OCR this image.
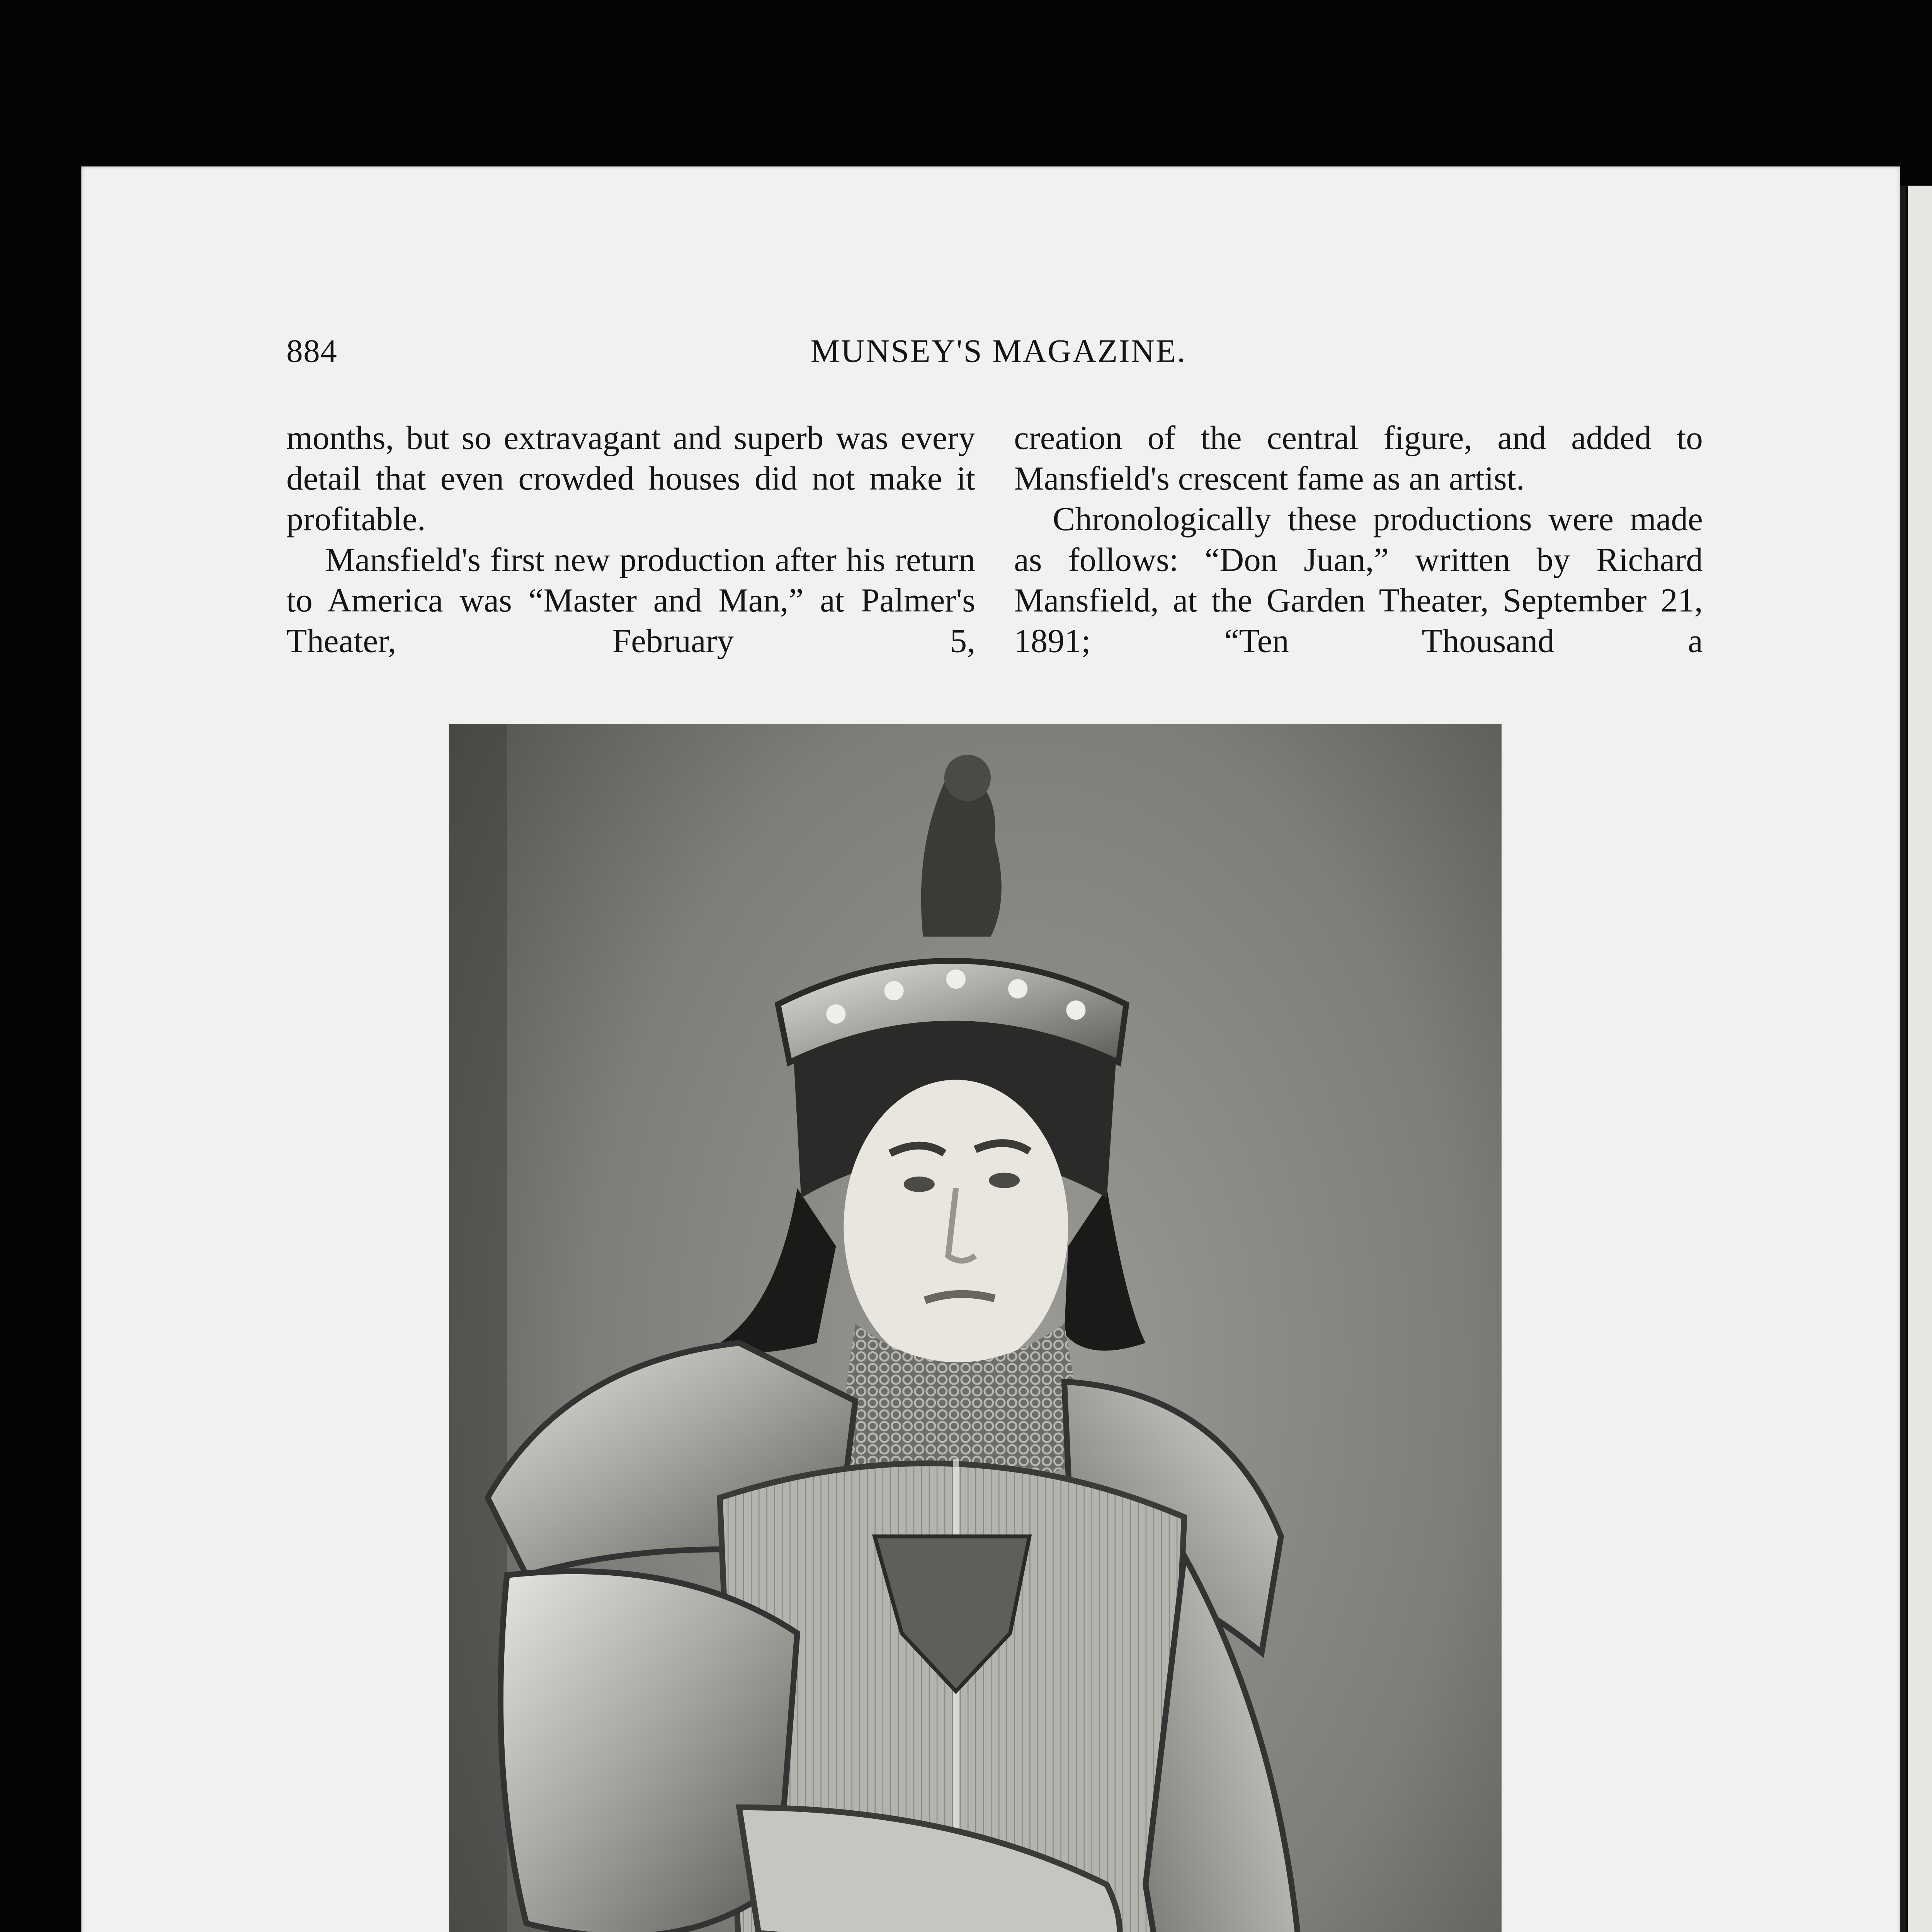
884	MUNSEY'S MAGAZINE.

months, but so extravagant and superb was every detail that even crowded houses did not make it profitable.

Mansfield's first new production after his return to America was “Master and Man,” at Palmer's Theater, February 5,

creation of the central figure, and added to Mansfield's crescent fame as an artist.

Chronologically these productions were made as follows: “Don Juan,” written by Richard Mansfield, at the Garden Theater, September 21, 1891; “Ten Thousand a
